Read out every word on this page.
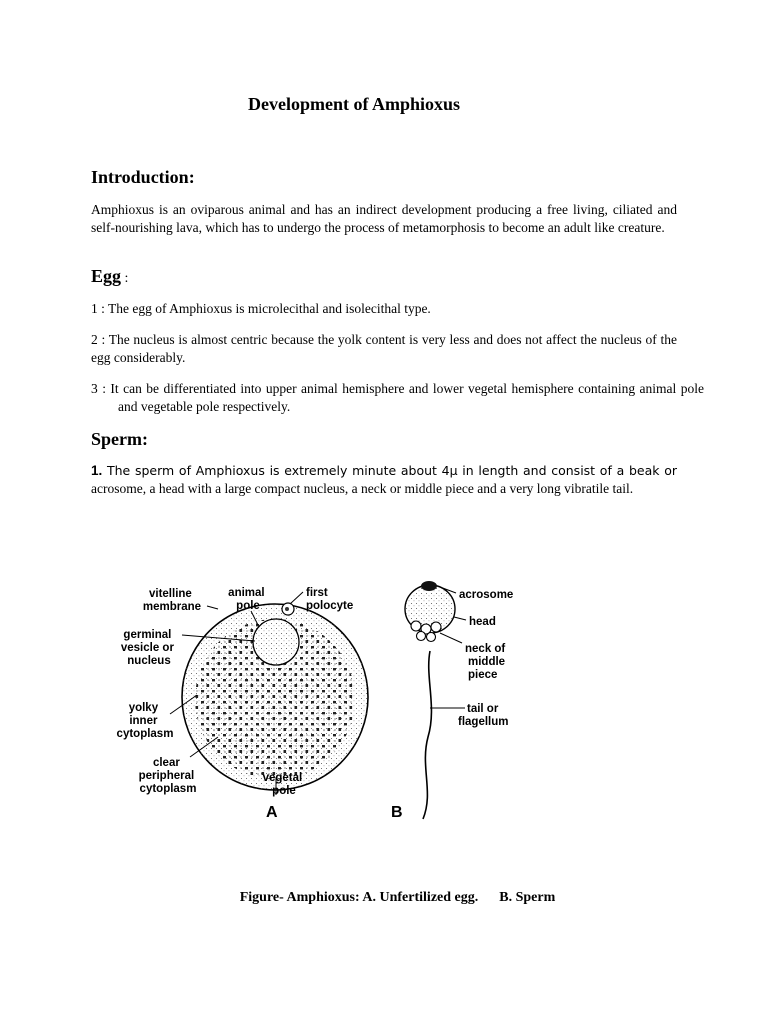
Development of Amphioxus
Introduction:
Amphioxus is an oviparous animal and has an indirect development producing a free living, ciliated and self-nourishing lava, which has to undergo the process of metamorphosis to become an adult like creature.
Egg :
1 : The egg of Amphioxus is microlecithal and isolecithal type.
2 : The nucleus is almost centric because the yolk content is very less and does not affect the nucleus of the egg considerably.
3 : It can be differentiated into upper animal hemisphere and lower vegetal hemisphere containing animal pole and vegetable pole respectively.
Sperm:
1. The sperm of Amphioxus is extremely minute about 4μ in length and consist of a beak or acrosome, a head with a large compact nucleus, a neck or middle piece and a very long vibratile tail.
vitelline membrane
animal pole
first polocyte
germinal vesicle or nucleus
yolky inner cytoplasm
clear peripheral cytoplasm
vegetal pole
A
acrosome
head
neck of middle piece
tail or flagellum
B
Figure- Amphioxus: A. Unfertilized egg.      B. Sperm
